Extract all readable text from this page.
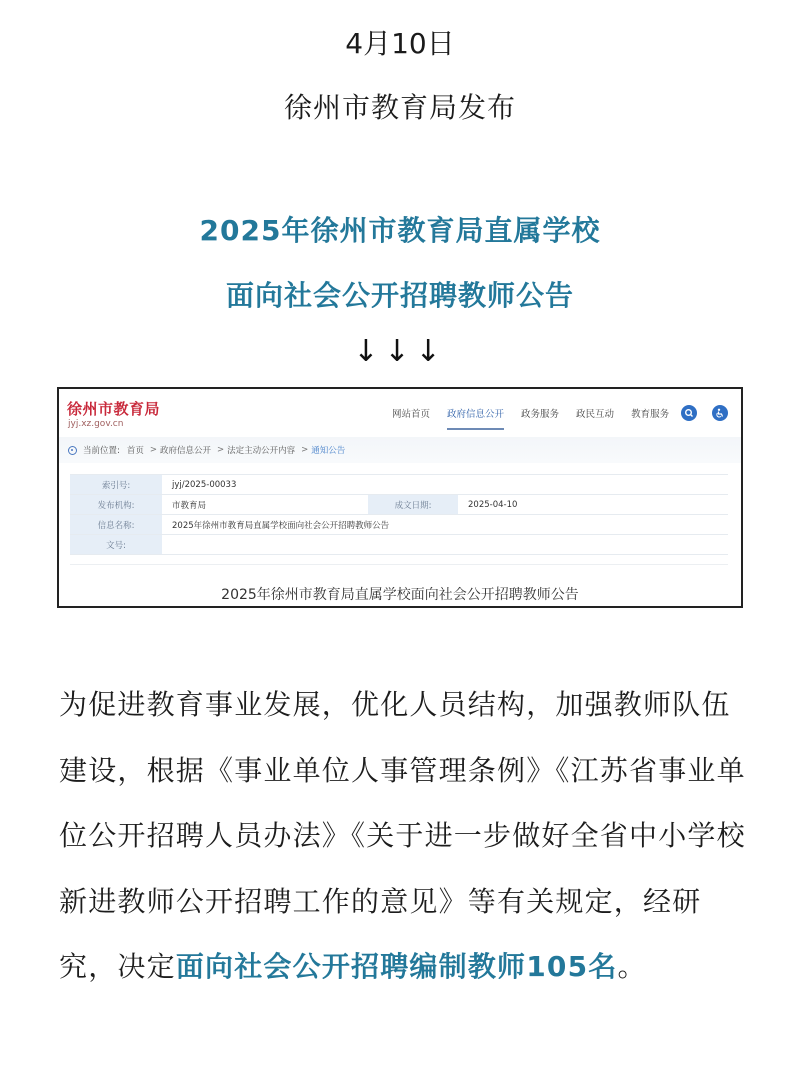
4月10日
徐州市教育局发布
2025年徐州市教育局直属学校
面向社会公开招聘教师公告
↓↓↓
徐州市教育局
jyj.xz.gov.cn
网站首页 政府信息公开 政务服务 政民互动 教育服务
当前位置: 首页 > 政府信息公开 > 法定主动公开内容 > 通知公告
索引号:	jyj/2025-00033		
发布机构:	市教育局	成文日期:	2025-04-10
信息名称:	2025年徐州市教育局直属学校面向社会公开招聘教师公告		
文号:			
2025年徐州市教育局直属学校面向社会公开招聘教师公告
为促进教育事业发展，优化人员结构，加强教师队伍建设，根据《事业单位人事管理条例》《江苏省事业单位公开招聘人员办法》《关于进一步做好全省中小学校新进教师公开招聘工作的意见》等有关规定，经研究，决定面向社会公开招聘编制教师105名。
